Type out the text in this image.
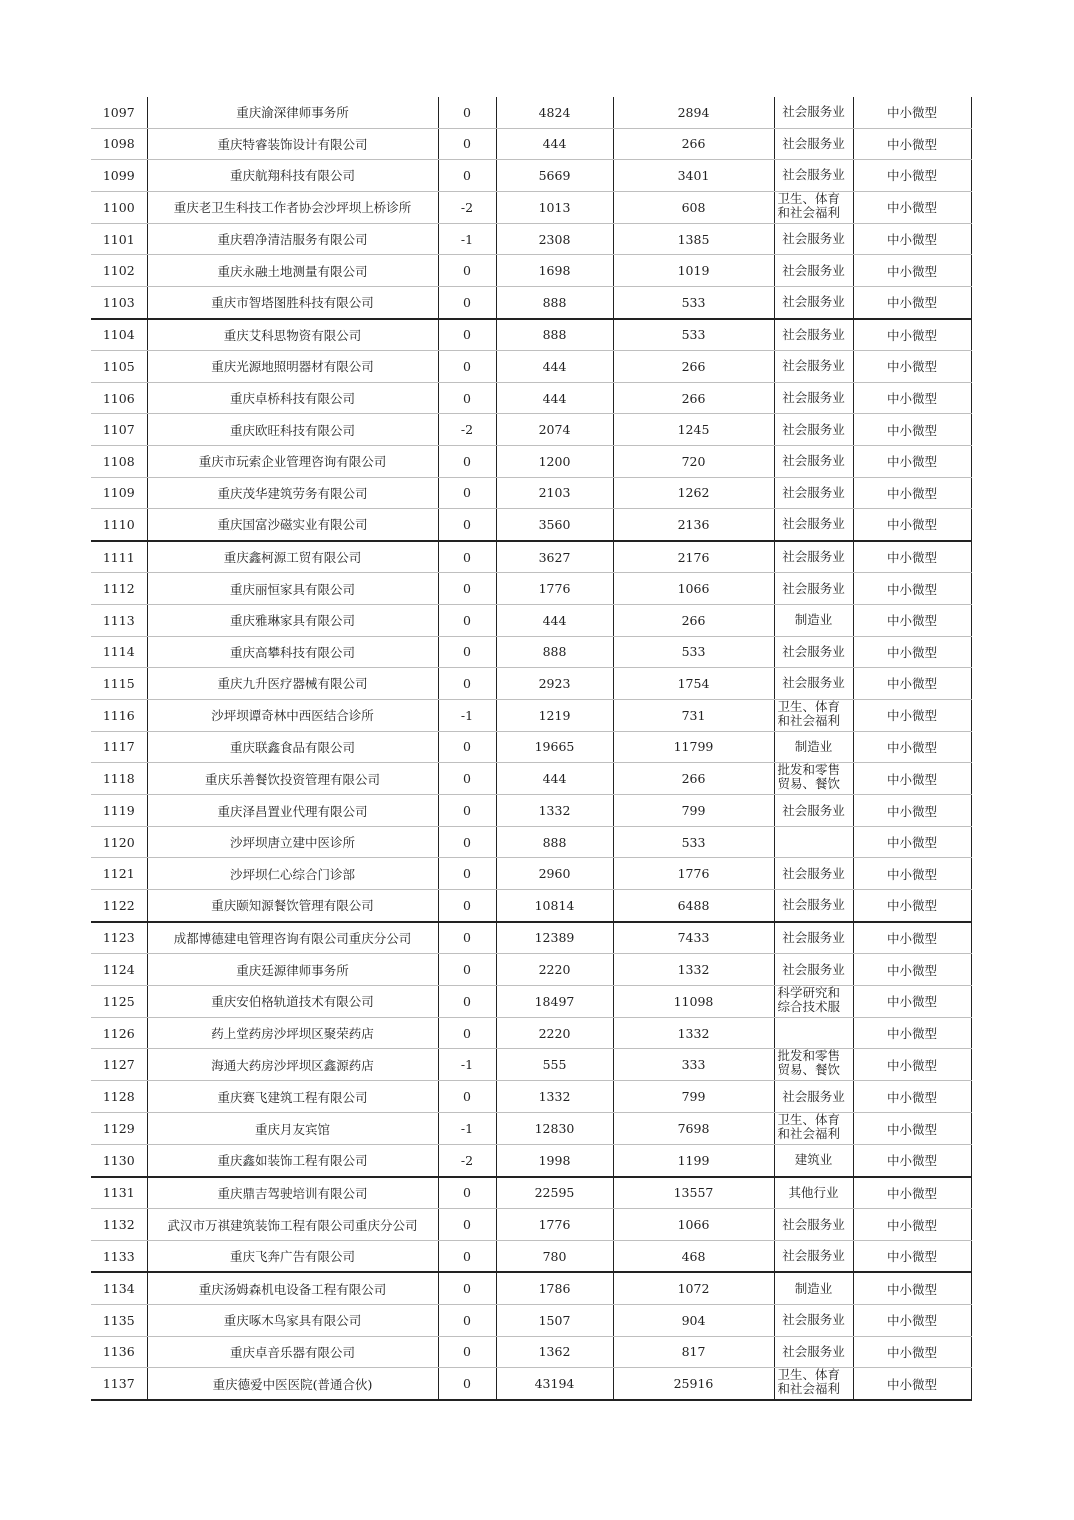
1097	重庆渝深律师事务所	0	4824	2894	社会服务业	中小微型
1098	重庆特睿装饰设计有限公司	0	444	266	社会服务业	中小微型
1099	重庆航翔科技有限公司	0	5669	3401	社会服务业	中小微型
1100	重庆老卫生科技工作者协会沙坪坝上桥诊所	-2	1013	608	卫生、体育和社会福利	中小微型
1101	重庆碧净清洁服务有限公司	-1	2308	1385	社会服务业	中小微型
1102	重庆永融土地测量有限公司	0	1698	1019	社会服务业	中小微型
1103	重庆市智塔图胜科技有限公司	0	888	533	社会服务业	中小微型
1104	重庆艾科思物资有限公司	0	888	533	社会服务业	中小微型
1105	重庆光源地照明器材有限公司	0	444	266	社会服务业	中小微型
1106	重庆卓桥科技有限公司	0	444	266	社会服务业	中小微型
1107	重庆欧旺科技有限公司	-2	2074	1245	社会服务业	中小微型
1108	重庆市玩索企业管理咨询有限公司	0	1200	720	社会服务业	中小微型
1109	重庆茂华建筑劳务有限公司	0	2103	1262	社会服务业	中小微型
1110	重庆国富沙磁实业有限公司	0	3560	2136	社会服务业	中小微型
1111	重庆鑫柯源工贸有限公司	0	3627	2176	社会服务业	中小微型
1112	重庆丽恒家具有限公司	0	1776	1066	社会服务业	中小微型
1113	重庆雅琳家具有限公司	0	444	266	制造业	中小微型
1114	重庆高攀科技有限公司	0	888	533	社会服务业	中小微型
1115	重庆九升医疗器械有限公司	0	2923	1754	社会服务业	中小微型
1116	沙坪坝谭奇林中西医结合诊所	-1	1219	731	卫生、体育和社会福利	中小微型
1117	重庆联鑫食品有限公司	0	19665	11799	制造业	中小微型
1118	重庆乐善餐饮投资管理有限公司	0	444	266	批发和零售贸易、餐饮	中小微型
1119	重庆泽昌置业代理有限公司	0	1332	799	社会服务业	中小微型
1120	沙坪坝唐立建中医诊所	0	888	533		中小微型
1121	沙坪坝仁心综合门诊部	0	2960	1776	社会服务业	中小微型
1122	重庆颐知源餐饮管理有限公司	0	10814	6488	社会服务业	中小微型
1123	成都博德建电管理咨询有限公司重庆分公司	0	12389	7433	社会服务业	中小微型
1124	重庆廷源律师事务所	0	2220	1332	社会服务业	中小微型
1125	重庆安伯格轨道技术有限公司	0	18497	11098	科学研究和综合技术服	中小微型
1126	药上堂药房沙坪坝区聚荣药店	0	2220	1332		中小微型
1127	海通大药房沙坪坝区鑫源药店	-1	555	333	批发和零售贸易、餐饮	中小微型
1128	重庆赛飞建筑工程有限公司	0	1332	799	社会服务业	中小微型
1129	重庆月友宾馆	-1	12830	7698	卫生、体育和社会福利	中小微型
1130	重庆鑫如装饰工程有限公司	-2	1998	1199	建筑业	中小微型
1131	重庆鼎吉驾驶培训有限公司	0	22595	13557	其他行业	中小微型
1132	武汉市万祺建筑装饰工程有限公司重庆分公司	0	1776	1066	社会服务业	中小微型
1133	重庆飞奔广告有限公司	0	780	468	社会服务业	中小微型
1134	重庆汤姆森机电设备工程有限公司	0	1786	1072	制造业	中小微型
1135	重庆啄木鸟家具有限公司	0	1507	904	社会服务业	中小微型
1136	重庆卓音乐器有限公司	0	1362	817	社会服务业	中小微型
1137	重庆德爱中医医院(普通合伙)	0	43194	25916	卫生、体育和社会福利	中小微型
